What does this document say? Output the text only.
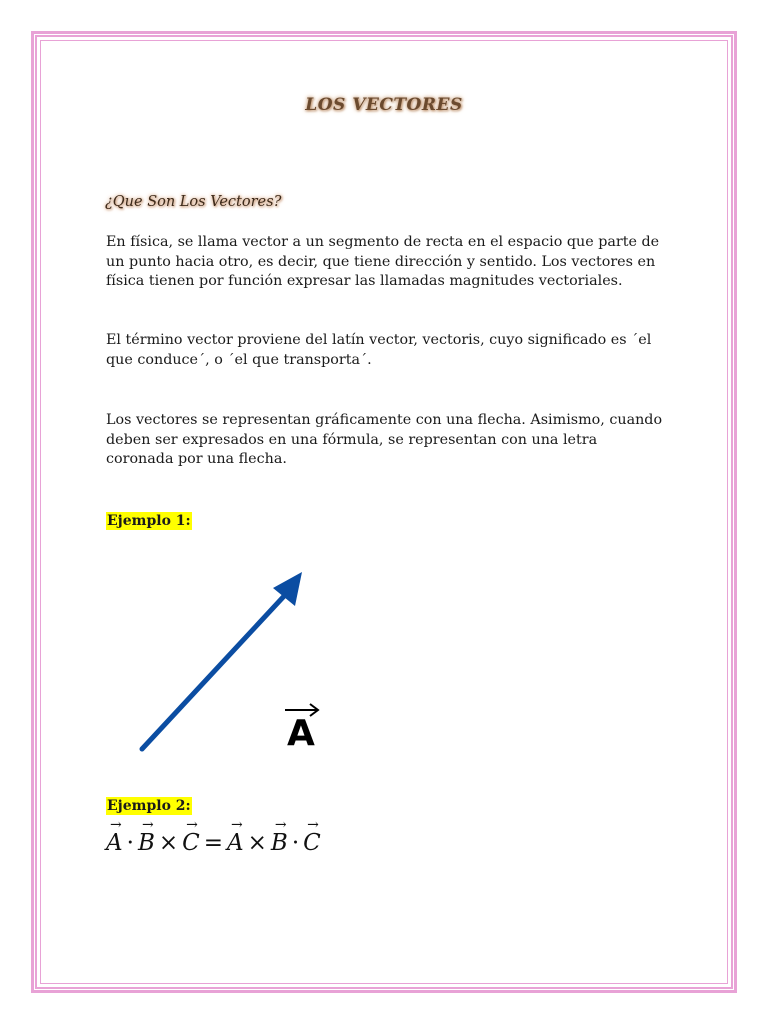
LOS VECTORES
¿Que Son Los Vectores?

En física, se llama vector a un segmento de recta en el espacio que parte de un punto hacia otro, es decir, que tiene dirección y sentido. Los vectores en física tienen por función expresar las llamadas magnitudes vectoriales.

El término vector proviene del latín vector, vectoris, cuyo significado es ´el que conduce´, o ´el que transporta´.

Los vectores se representan gráficamente con una flecha. Asimismo, cuando deben ser expresados en una fórmula, se representan con una letra coronada por una flecha.

Ejemplo 1:
A
Ejemplo 2:
→ A · → B × → C = → A × → B · → C
